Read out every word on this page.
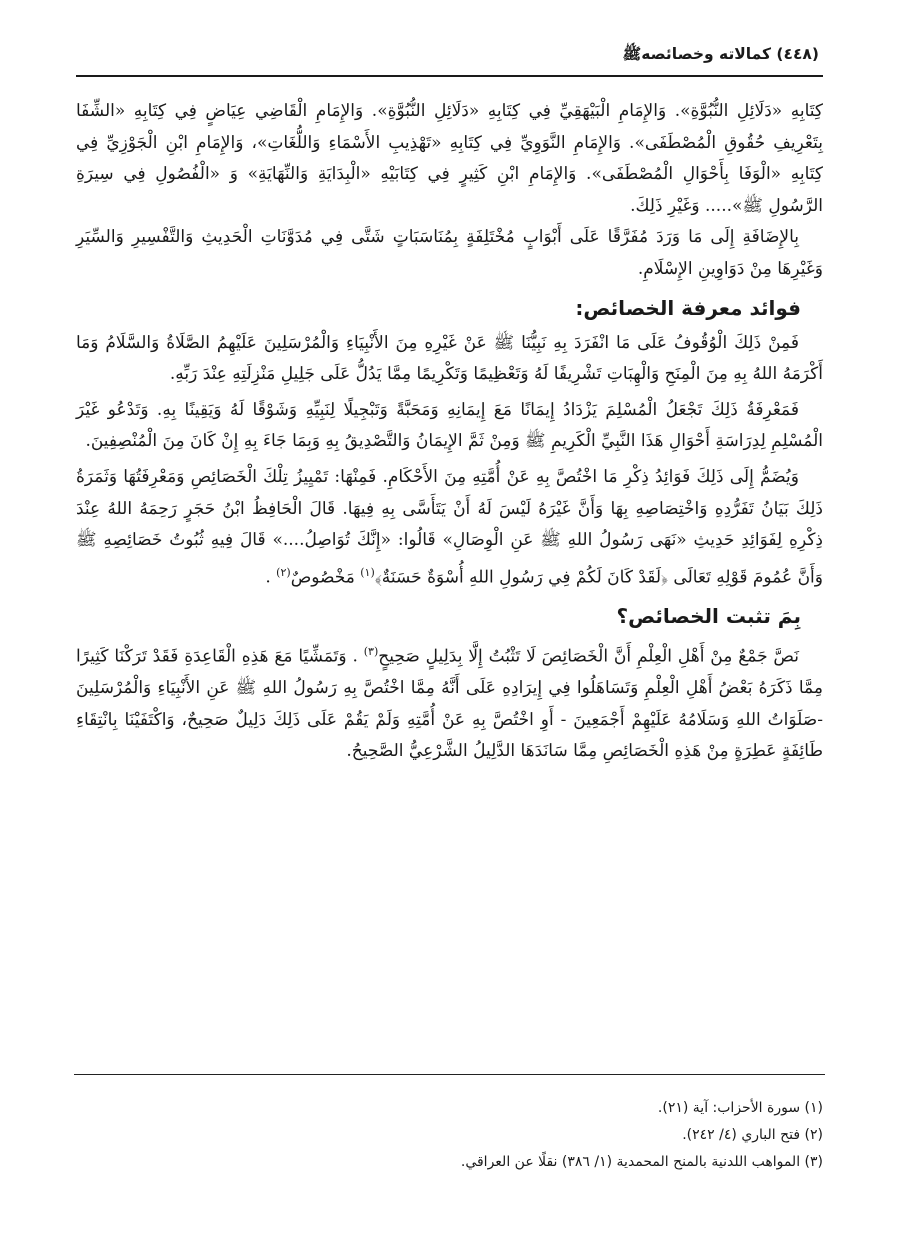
(٤٤٨) كمالاته وخصائصهﷺ

كِتَابِهِ «دَلَائِلِ النُّبُوَّةِ». وَالإِمَامِ الْبَيْهَقِيِّ فِي كِتَابِهِ «دَلَائِلِ النُّبُوَّةِ». وَالإِمَامِ الْقَاضِي عِيَاضٍ فِي كِتَابِهِ «الشِّفَا بِتَعْرِيفِ حُقُوقِ الْمُصْطَفَى». وَالإِمَامِ النَّوَوِيِّ فِي كِتَابِهِ «تَهْذِيبِ الأَسْمَاءِ وَاللُّغَاتِ»، وَالإِمَامِ ابْنِ الْجَوْزِيِّ فِي كِتَابِهِ «الْوَفَا بِأَحْوَالِ الْمُصْطَفَى». وَالإِمَامِ ابْنِ كَثِيرٍ فِي كِتَابَيْهِ «الْبِدَايَةِ وَالنِّهَايَةِ» وَ «الْفُصُولِ فِي سِيرَةِ الرَّسُولِ ﷺ»..... وَغَيْرِ ذَلِكَ.

بِالإِضَافَةِ إِلَى مَا وَرَدَ مُفَرَّقًا عَلَى أَبْوَابٍ مُخْتَلِفَةٍ بِمُنَاسَبَاتٍ شَتَّى فِي مُدَوَّنَاتِ الْحَدِيثِ وَالتَّفْسِيرِ وَالسِّيَرِ وَغَيْرِهَا مِنْ دَوَاوِينِ الإِسْلَامِ.

فوائد معرفة الخصائص:

فَمِنْ ذَلِكَ الْوُقُوفُ عَلَى مَا انْفَرَدَ بِهِ نَبِيُّنَا ﷺ عَنْ غَيْرِهِ مِنَ الأَنْبِيَاءِ وَالْمُرْسَلِينَ عَلَيْهِمُ الصَّلَاةُ وَالسَّلَامُ وَمَا أَكْرَمَهُ اللهُ بِهِ مِنَ الْمِنَحِ وَالْهِبَاتِ تَشْرِيفًا لَهُ وَتَعْظِيمًا وَتَكْرِيمًا مِمَّا يَدُلُّ عَلَى جَلِيلِ مَنْزِلَتِهِ عِنْدَ رَبِّهِ.

فَمَعْرِفَةُ ذَلِكَ تَجْعَلُ الْمُسْلِمَ يَزْدَادُ إِيمَانًا مَعَ إِيمَانِهِ وَمَحَبَّةً وَتَبْجِيلًا لِنَبِيِّهِ وَشَوْقًا لَهُ وَيَقِينًا بِهِ. وَتَدْعُو غَيْرَ الْمُسْلِمِ لِدِرَاسَةِ أَحْوَالِ هَذَا النَّبِيِّ الْكَرِيمِ ﷺ وَمِنْ ثَمَّ الإِيمَانُ وَالتَّصْدِيقُ بِهِ وَبِمَا جَاءَ بِهِ إِنْ كَانَ مِنَ الْمُنْصِفِينَ.

وَيُضَمُّ إِلَى ذَلِكَ فَوَائِدُ ذِكْرِ مَا اخْتُصَّ بِهِ عَنْ أُمَّتِهِ مِنَ الأَحْكَامِ. فَمِنْهَا: تَمْيِيزُ تِلْكَ الْخَصَائِصِ وَمَعْرِفَتُهَا وَثَمَرَةُ ذَلِكَ بَيَانُ تَفَرُّدِهِ وَاخْتِصَاصِهِ بِهَا وَأَنَّ غَيْرَهُ لَيْسَ لَهُ أَنْ يَتَأَسَّى بِهِ فِيهَا. قَالَ الْحَافِظُ ابْنُ حَجَرٍ رَحِمَهُ اللهُ عِنْدَ ذِكْرِهِ لِفَوَائِدِ حَدِيثِ «نَهَى رَسُولُ اللهِ ﷺ عَنِ الْوِصَالِ» قَالُوا: «إِنَّكَ تُوَاصِلُ....» قَالَ فِيهِ ثُبُوتُ خَصَائِصِهِ ﷺ وَأَنَّ عُمُومَ قَوْلِهِ تَعَالَى ﴿لَقَدْ كَانَ لَكُمْ فِي رَسُولِ اللهِ أُسْوَةٌ حَسَنَةٌ﴾$^{(١)}$ مَخْصُوصٌ$^{(٢)}$ .

بِمَ تثبت الخصائص؟

نَصَّ جَمْعٌ مِنْ أَهْلِ الْعِلْمِ أَنَّ الْخَصَائِصَ لَا تَثْبُتُ إِلَّا بِدَلِيلٍ صَحِيحٍ$^{(٣)}$ . وَتَمَشِّيًا مَعَ هَذِهِ الْقَاعِدَةِ فَقَدْ تَرَكْنَا كَثِيرًا مِمَّا ذَكَرَهُ بَعْضُ أَهْلِ الْعِلْمِ وَتَسَاهَلُوا فِي إِيرَادِهِ عَلَى أَنَّهُ مِمَّا اخْتُصَّ بِهِ رَسُولُ اللهِ ﷺ عَنِ الأَنْبِيَاءِ وَالْمُرْسَلِينَ -صَلَوَاتُ اللهِ وَسَلَامُهُ عَلَيْهِمْ أَجْمَعِينَ - أَوِ اخْتُصَّ بِهِ عَنْ أُمَّتِهِ وَلَمْ يَقُمْ عَلَى ذَلِكَ دَلِيلٌ صَحِيحٌ، وَاكْتَفَيْنَا بِانْتِقَاءِ طَائِفَةٍ عَطِرَةٍ مِنْ هَذِهِ الْخَصَائِصِ مِمَّا سَانَدَهَا الدَّلِيلُ الشَّرْعِيُّ الصَّحِيحُ.

(١) سورة الأحزاب: آية (٢١).

(٢) فتح الباري (٤/ ٢٤٢).

(٣) المواهب اللدنية بالمنح المحمدية (١/ ٣٨٦) نقلًا عن العراقي.
